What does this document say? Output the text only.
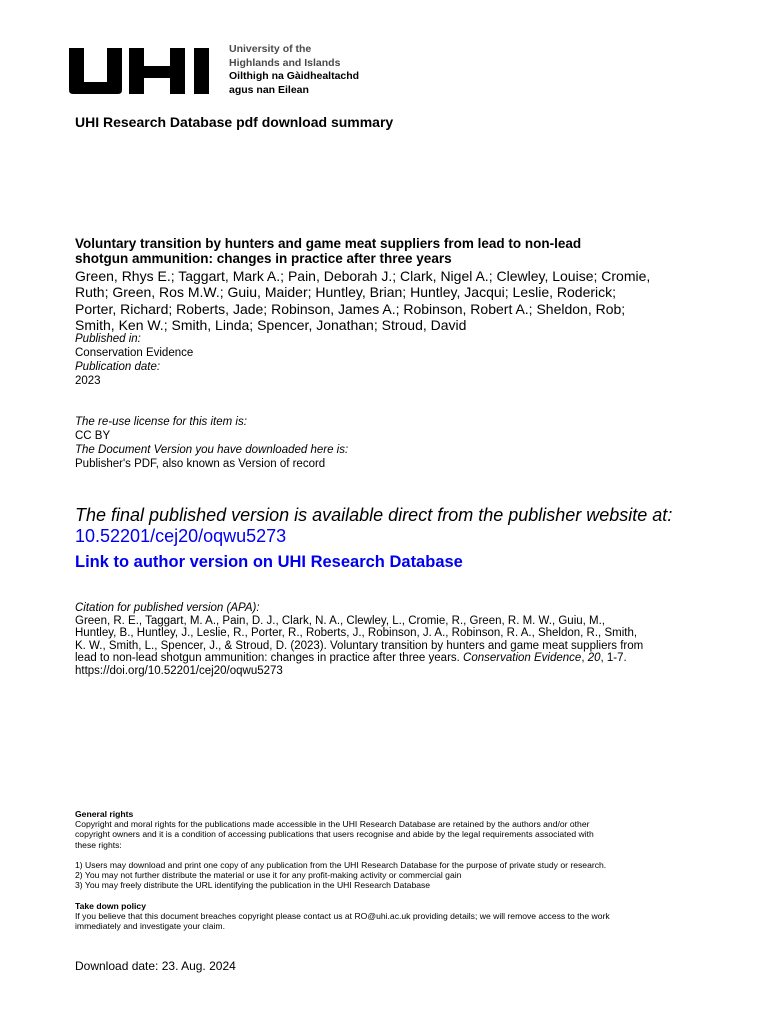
University of the
Highlands and Islands
Oilthigh na Gàidhealtachd
agus nan Eilean
UHI Research Database pdf download summary
Voluntary transition by hunters and game meat suppliers from lead to non-lead
shotgun ammunition: changes in practice after three years
Green, Rhys E.; Taggart, Mark A.; Pain, Deborah J.; Clark, Nigel A.; Clewley, Louise; Cromie,
Ruth; Green, Ros M.W.; Guiu, Maider; Huntley, Brian; Huntley, Jacqui; Leslie, Roderick;
Porter, Richard; Roberts, Jade; Robinson, James A.; Robinson, Robert A.; Sheldon, Rob;
Smith, Ken W.; Smith, Linda; Spencer, Jonathan; Stroud, David
Published in:
Conservation Evidence
Publication date:
2023
The re-use license for this item is:
CC BY
The Document Version you have downloaded here is:
Publisher's PDF, also known as Version of record
The final published version is available direct from the publisher website at:
10.52201/cej20/oqwu5273
Link to author version on UHI Research Database
Citation for published version (APA):
Green, R. E., Taggart, M. A., Pain, D. J., Clark, N. A., Clewley, L., Cromie, R., Green, R. M. W., Guiu, M.,
Huntley, B., Huntley, J., Leslie, R., Porter, R., Roberts, J., Robinson, J. A., Robinson, R. A., Sheldon, R., Smith,
K. W., Smith, L., Spencer, J., & Stroud, D. (2023). Voluntary transition by hunters and game meat suppliers from
lead to non-lead shotgun ammunition: changes in practice after three years. Conservation Evidence, 20, 1-7.
https://doi.org/10.52201/cej20/oqwu5273
General rights
Copyright and moral rights for the publications made accessible in the UHI Research Database are retained by the authors and/or other
copyright owners and it is a condition of accessing publications that users recognise and abide by the legal requirements associated with
these rights:
1) Users may download and print one copy of any publication from the UHI Research Database for the purpose of private study or research.
2) You may not further distribute the material or use it for any profit-making activity or commercial gain
3) You may freely distribute the URL identifying the publication in the UHI Research Database
Take down policy
If you believe that this document breaches copyright please contact us at RO@uhi.ac.uk providing details; we will remove access to the work
immediately and investigate your claim.
Download date: 23. Aug. 2024
